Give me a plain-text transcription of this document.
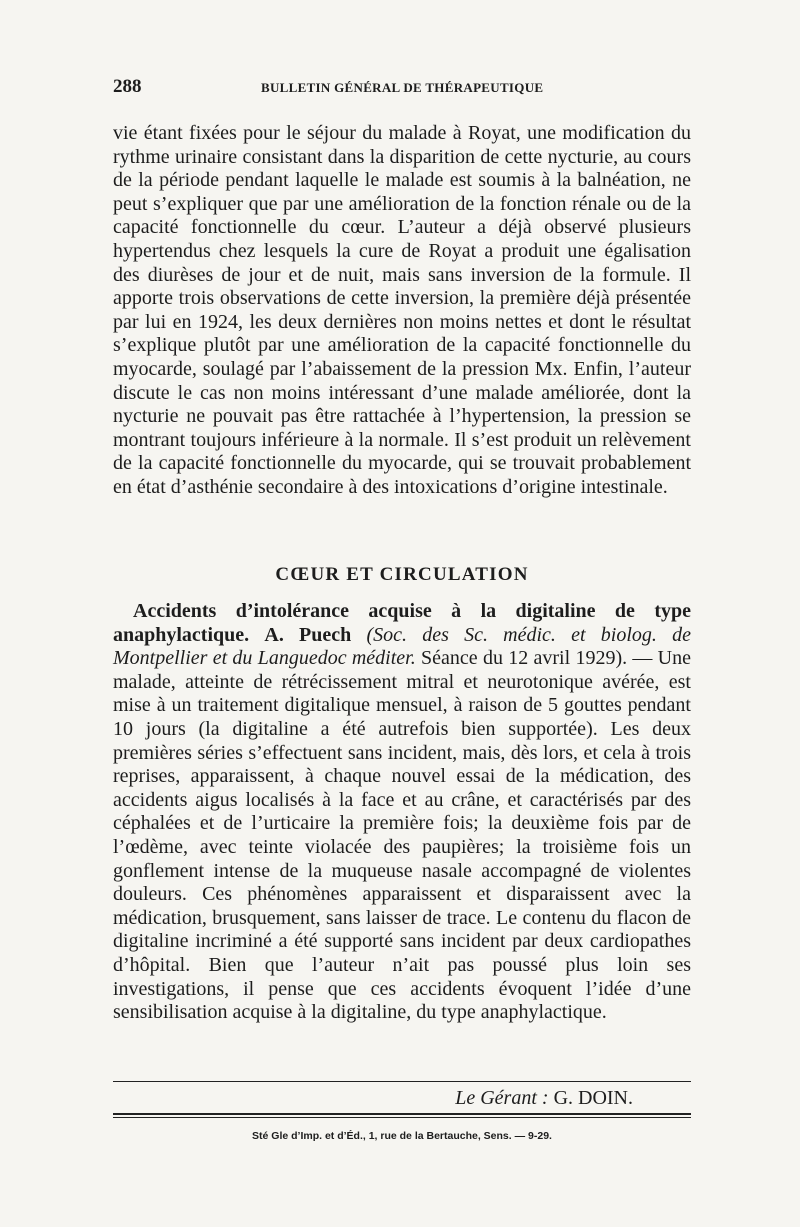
288	BULLETIN GÉNÉRAL DE THÉRAPEUTIQUE

vie étant fixées pour le séjour du malade à Royat, une modification du rythme urinaire consistant dans la disparition de cette nycturie, au cours de la période pendant laquelle le malade est soumis à la balnéation, ne peut s’expliquer que par une amélioration de la fonction rénale ou de la capacité fonctionnelle du cœur. L’auteur a déjà observé plusieurs hypertendus chez lesquels la cure de Royat a produit une égalisation des diurèses de jour et de nuit, mais sans inversion de la formule. Il apporte trois observations de cette inversion, la première déjà présentée par lui en 1924, les deux dernières non moins nettes et dont le résultat s’explique plutôt par une amélioration de la capacité fonctionnelle du myocarde, soulagé par l’abaissement de la pression Mx. Enfin, l’auteur discute le cas non moins intéressant d’une malade améliorée, dont la nycturie ne pouvait pas être rattachée à l’hypertension, la pression se montrant toujours inférieure à la normale. Il s’est produit un relèvement de la capacité fonctionnelle du myocarde, qui se trouvait probablement en état d’asthénie secondaire à des intoxications d’origine intestinale.

CŒUR ET CIRCULATION

Accidents d’intolérance acquise à la digitaline de type anaphylactique. A. Puech (Soc. des Sc. médic. et biolog. de Montpellier et du Languedoc méditer. Séance du 12 avril 1929). — Une malade, atteinte de rétrécissement mitral et neurotonique avérée, est mise à un traitement digitalique mensuel, à raison de 5 gouttes pendant 10 jours (la digitaline a été autrefois bien supportée). Les deux premières séries s’effectuent sans incident, mais, dès lors, et cela à trois reprises, apparaissent, à chaque nouvel essai de la médication, des accidents aigus localisés à la face et au crâne, et caractérisés par des céphalées et de l’urticaire la première fois; la deuxième fois par de l’œdème, avec teinte violacée des paupières; la troisième fois un gonflement intense de la muqueuse nasale accompagné de violentes douleurs. Ces phénomènes apparaissent et disparaissent avec la médication, brusquement, sans laisser de trace. Le contenu du flacon de digitaline incriminé a été supporté sans incident par deux cardiopathes d’hôpital. Bien que l’auteur n’ait pas poussé plus loin ses investigations, il pense que ces accidents évoquent l’idée d’une sensibilisation acquise à la digitaline, du type anaphylactique.

Le Gérant : G. DOIN.
Sté Gle d’Imp. et d’Éd., 1, rue de la Bertauche, Sens. — 9-29.
